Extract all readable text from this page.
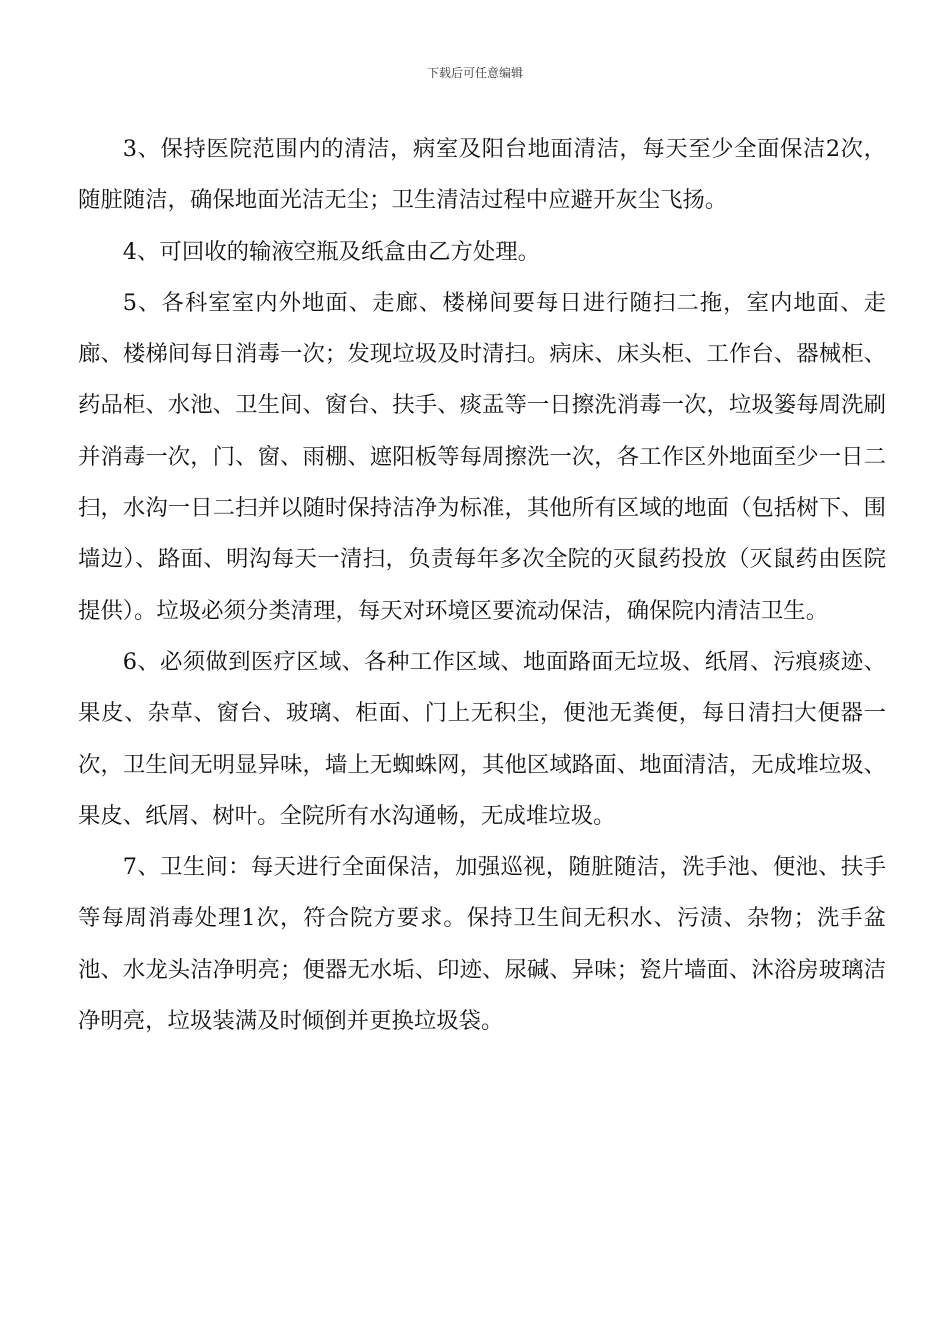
下载后可任意编辑

3、保持医院范围内的清洁，病室及阳台地面清洁，每天至少全面保洁2次，随脏随洁，确保地面光洁无尘；卫生清洁过程中应避开灰尘飞扬。

4、可回收的输液空瓶及纸盒由乙方处理。

5、各科室室内外地面、走廊、楼梯间要每日进行随扫二拖，室内地面、走廊、楼梯间每日消毒一次；发现垃圾及时清扫。病床、床头柜、工作台、器械柜、药品柜、水池、卫生间、窗台、扶手、痰盂等一日擦洗消毒一次，垃圾篓每周洗刷并消毒一次，门、窗、雨棚、遮阳板等每周擦洗一次，各工作区外地面至少一日二扫，水沟一日二扫并以随时保持洁净为标准，其他所有区域的地面（包括树下、围墙边）、路面、明沟每天一清扫，负责每年多次全院的灭鼠药投放（灭鼠药由医院提供）。垃圾必须分类清理，每天对环境区要流动保洁，确保院内清洁卫生。

6、必须做到医疗区域、各种工作区域、地面路面无垃圾、纸屑、污痕痰迹、果皮、杂草、窗台、玻璃、柜面、门上无积尘，便池无粪便，每日清扫大便器一次，卫生间无明显异味，墙上无蜘蛛网，其他区域路面、地面清洁，无成堆垃圾、果皮、纸屑、树叶。全院所有水沟通畅，无成堆垃圾。

7、卫生间：每天进行全面保洁，加强巡视，随脏随洁，洗手池、便池、扶手等每周消毒处理1次，符合院方要求。保持卫生间无积水、污渍、杂物；洗手盆池、水龙头洁净明亮；便器无水垢、印迹、尿碱、异味；瓷片墙面、沐浴房玻璃洁净明亮，垃圾装满及时倾倒并更换垃圾袋。
